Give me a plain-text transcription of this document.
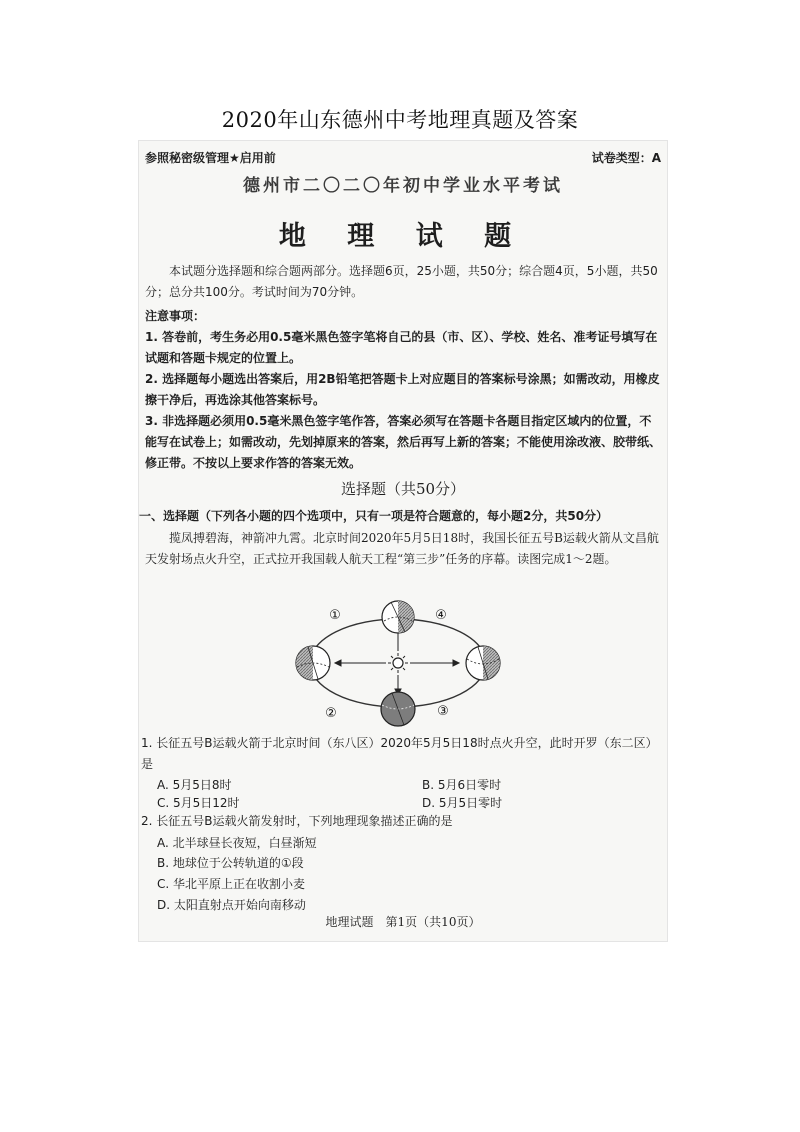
2020年山东德州中考地理真题及答案
参照秘密级管理★启用前	试卷类型：A
德州市二〇二〇年初中学业水平考试
地 理 试 题
本试题分选择题和综合题两部分。选择题6页，25小题，共50分；综合题4页，5小题，共50分；总分共100分。考试时间为70分钟。
注意事项：
1. 答卷前，考生务必用0.5毫米黑色签字笔将自己的县（市、区）、学校、姓名、准考证号填写在试题和答题卡规定的位置上。
2. 选择题每小题选出答案后，用2B铅笔把答题卡上对应题目的答案标号涂黑；如需改动，用橡皮擦干净后，再选涂其他答案标号。
3. 非选择题必须用0.5毫米黑色签字笔作答，答案必须写在答题卡各题目指定区域内的位置，不能写在试卷上；如需改动，先划掉原来的答案，然后再写上新的答案；不能使用涂改液、胶带纸、修正带。不按以上要求作答的答案无效。
选择题（共50分）
一、选择题（下列各小题的四个选项中，只有一项是符合题意的，每小题2分，共50分）
揽凤搏碧海，神箭冲九霄。北京时间2020年5月5日18时，我国长征五号B运载火箭从文昌航天发射场点火升空，正式拉开我国载人航天工程“第三步”任务的序幕。读图完成1～2题。
①
②	③
④
1. 长征五号B运载火箭于北京时间（东八区）2020年5月5日18时点火升空，此时开罗（东二区）是
A. 5月5日8时	B. 5月6日零时
C. 5月5日12时	D. 5月5日零时
2. 长征五号B运载火箭发射时，下列地理现象描述正确的是
A. 北半球昼长夜短，白昼渐短
B. 地球位于公转轨道的①段
C. 华北平原上正在收割小麦
D. 太阳直射点开始向南移动
地理试题　第1页（共10页）
